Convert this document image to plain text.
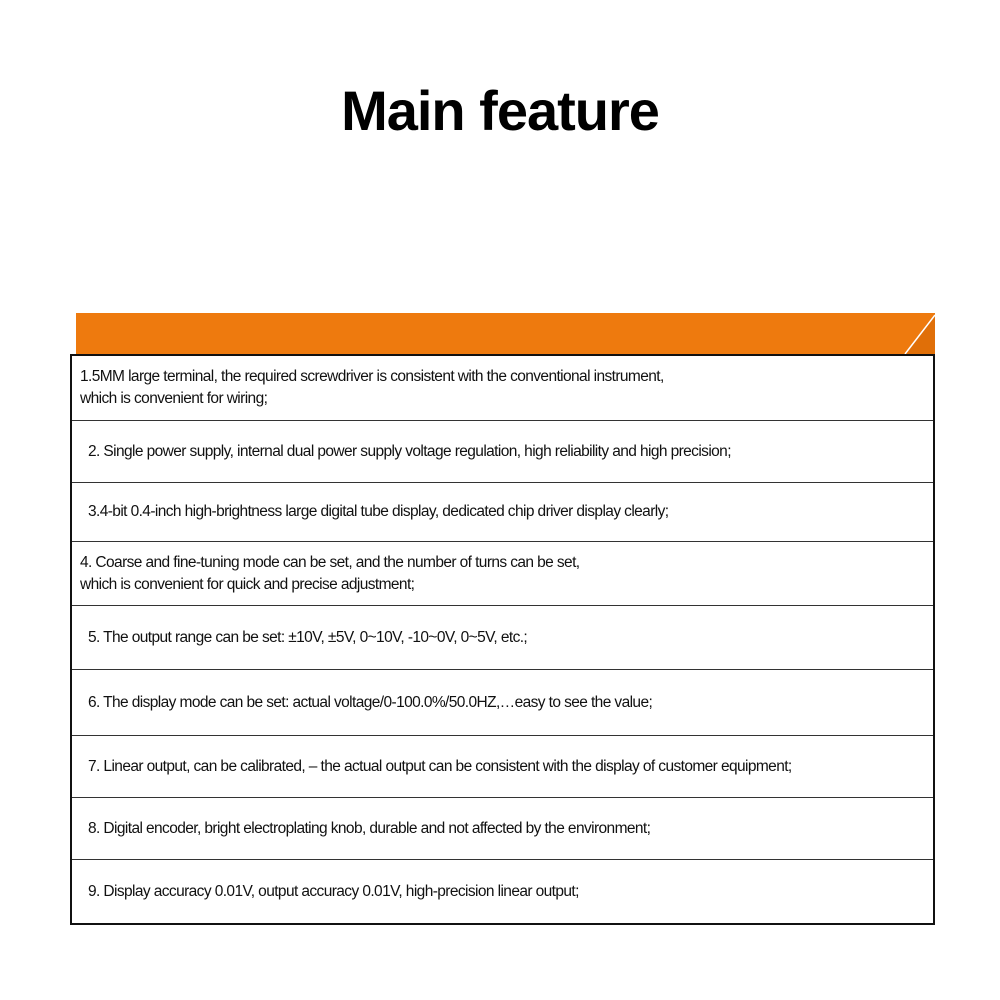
Main feature
1.5MM large terminal, the required screwdriver is consistent with the conventional instrument,
which is convenient for wiring;
2. Single power supply, internal dual power supply voltage regulation, high reliability and high precision;
3.4-bit 0.4-inch high-brightness large digital tube display, dedicated chip driver display clearly;
4. Coarse and fine-tuning mode can be set, and the number of turns can be set,
which is convenient for quick and precise adjustment;
5. The output range can be set: ±10V, ±5V, 0~10V, -10~0V, 0~5V, etc.;
6. The display mode can be set: actual voltage/0-100.0%/50.0HZ,…easy to see the value;
7. Linear output, can be calibrated, – the actual output can be consistent with the display of customer equipment;
8. Digital encoder, bright electroplating knob, durable and not affected by the environment;
9. Display accuracy 0.01V, output accuracy 0.01V, high-precision linear output;
